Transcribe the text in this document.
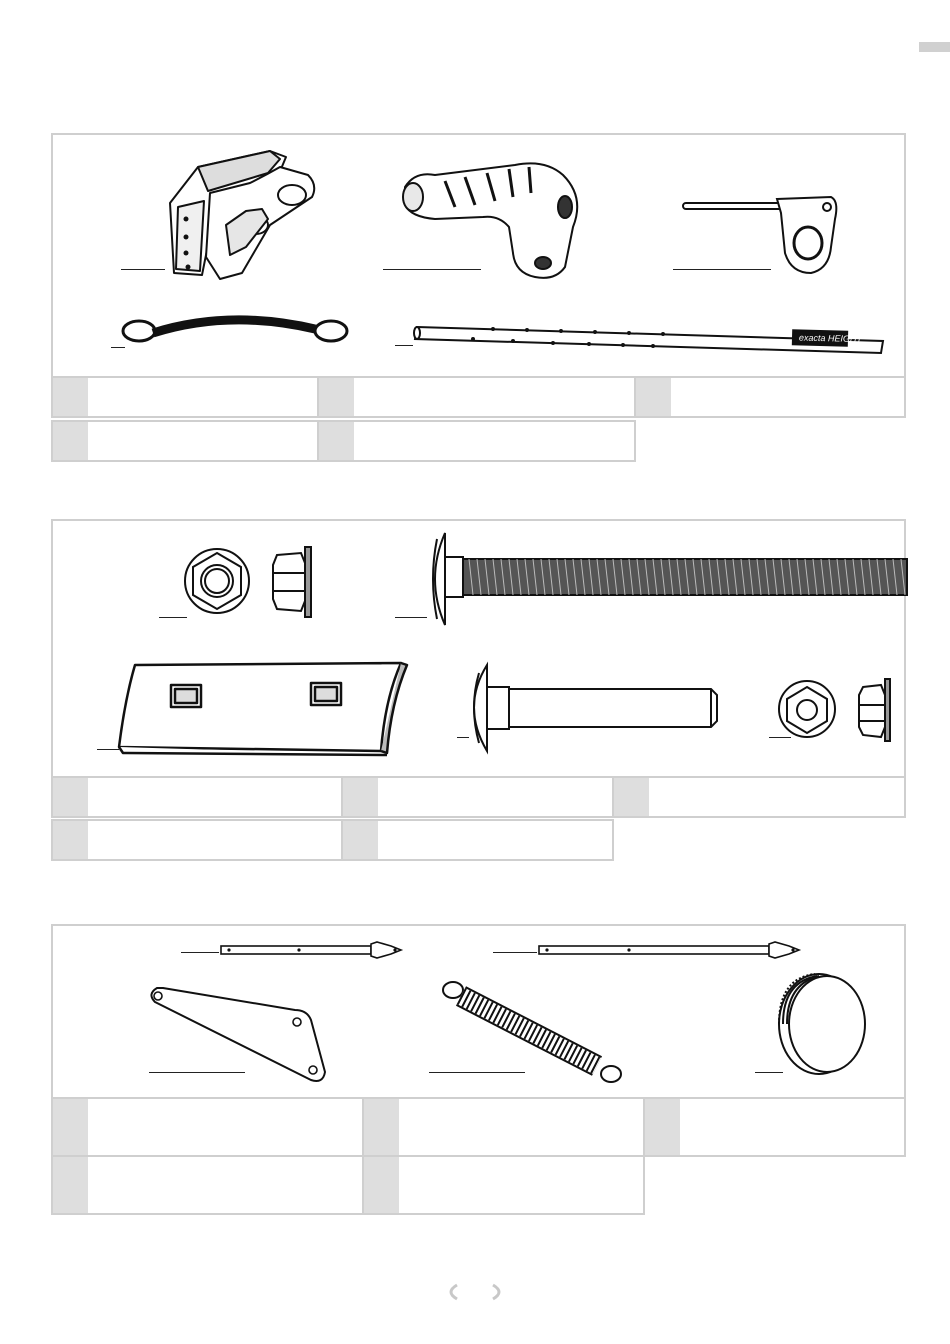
exacta HEIGHT
